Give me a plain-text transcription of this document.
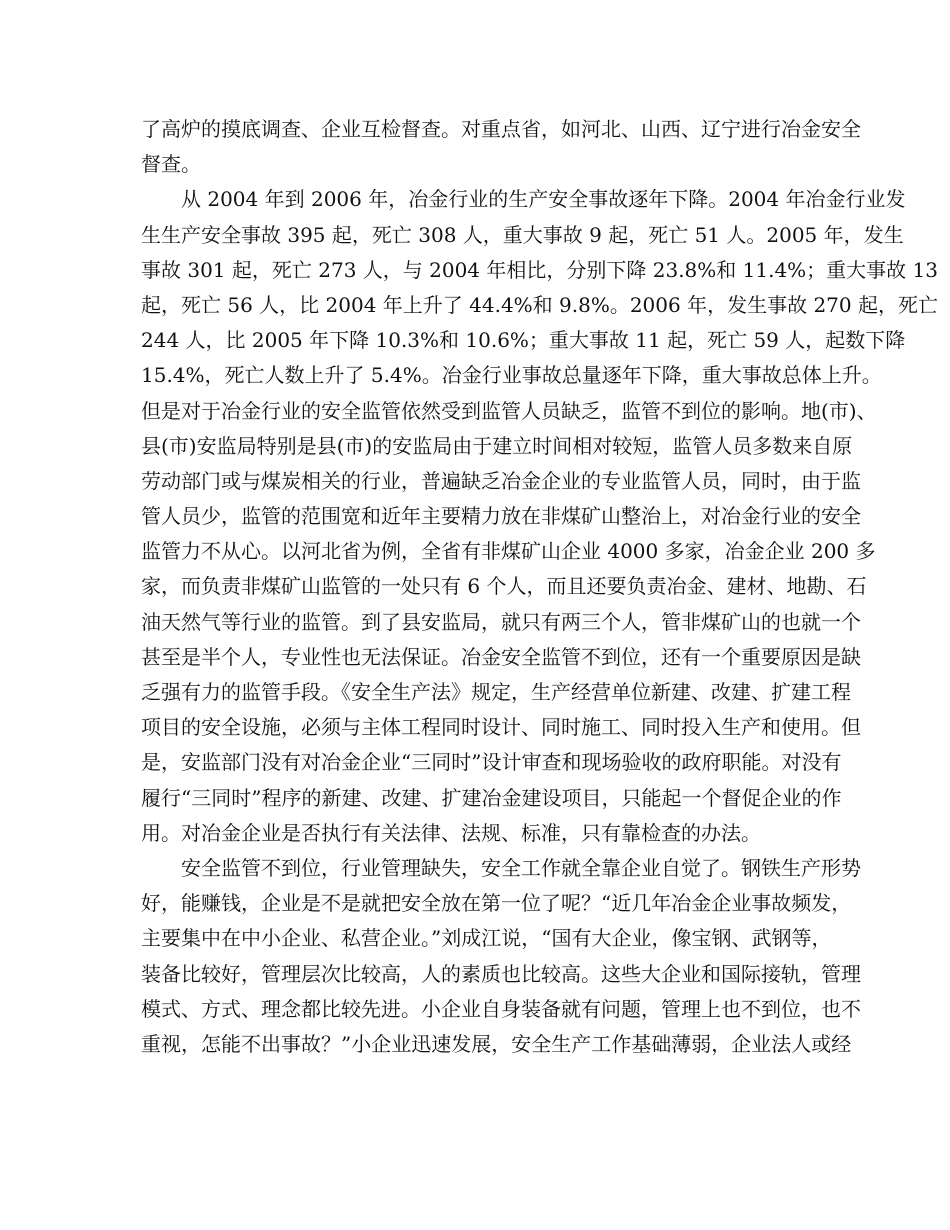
了高炉的摸底调查、企业互检督查。对重点省，如河北、山西、辽宁进行冶金安全
督查。
从 2004 年到 2006 年，冶金行业的生产安全事故逐年下降。2004 年冶金行业发
生生产安全事故 395 起，死亡 308 人，重大事故 9 起，死亡 51 人。2005 年，发生
事故 301 起，死亡 273 人，与 2004 年相比，分别下降 23.8%和 11.4%；重大事故 13
起，死亡 56 人，比 2004 年上升了 44.4%和 9.8%。2006 年，发生事故 270 起，死亡
244 人，比 2005 年下降 10.3%和 10.6%；重大事故 11 起，死亡 59 人，起数下降
15.4%，死亡人数上升了 5.4%。冶金行业事故总量逐年下降，重大事故总体上升。
但是对于冶金行业的安全监管依然受到监管人员缺乏，监管不到位的影响。地(市)、
县(市)安监局特别是县(市)的安监局由于建立时间相对较短，监管人员多数来自原
劳动部门或与煤炭相关的行业，普遍缺乏冶金企业的专业监管人员，同时，由于监
管人员少，监管的范围宽和近年主要精力放在非煤矿山整治上，对冶金行业的安全
监管力不从心。以河北省为例，全省有非煤矿山企业 4000 多家，冶金企业 200 多
家，而负责非煤矿山监管的一处只有 6 个人，而且还要负责冶金、建材、地勘、石
油天然气等行业的监管。到了县安监局，就只有两三个人，管非煤矿山的也就一个
甚至是半个人，专业性也无法保证。冶金安全监管不到位，还有一个重要原因是缺
乏强有力的监管手段。《安全生产法》规定，生产经营单位新建、改建、扩建工程
项目的安全设施，必须与主体工程同时设计、同时施工、同时投入生产和使用。但
是，安监部门没有对冶金企业“三同时”设计审查和现场验收的政府职能。对没有
履行“三同时”程序的新建、改建、扩建冶金建设项目，只能起一个督促企业的作
用。对冶金企业是否执行有关法律、法规、标准，只有靠检查的办法。
安全监管不到位，行业管理缺失，安全工作就全靠企业自觉了。钢铁生产形势
好，能赚钱，企业是不是就把安全放在第一位了呢？“近几年冶金企业事故频发，
主要集中在中小企业、私营企业。”刘成江说，“国有大企业，像宝钢、武钢等，
装备比较好，管理层次比较高，人的素质也比较高。这些大企业和国际接轨，管理
模式、方式、理念都比较先进。小企业自身装备就有问题，管理上也不到位，也不
重视，怎能不出事故？”小企业迅速发展，安全生产工作基础薄弱，企业法人或经
